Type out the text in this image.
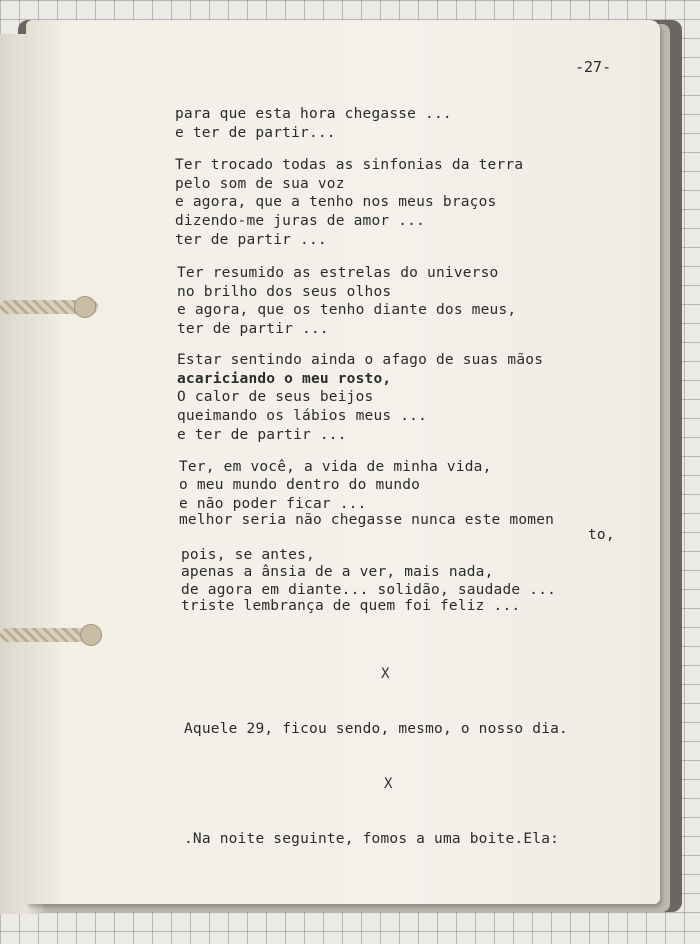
-27-
para que esta hora chegasse ...
e ter de partir...
Ter trocado todas as sinfonias da terra
pelo som de sua voz
e agora, que a tenho nos meus braços
dizendo-me juras de amor ...
ter de partir ...
Ter resumido as estrelas do universo
no brilho dos seus olhos
e agora, que os tenho diante dos meus,
ter de partir ...
Estar sentindo ainda o afago de suas mãos
acariciando o meu rosto,
O calor de seus beijos
queimando os lábios meus ...
e ter de partir ...
Ter, em você, a vida de minha vida,
o meu mundo dentro do mundo
e não poder ficar ...
melhor seria não chegasse nunca este momen
to,
pois, se antes,
apenas a ânsia de a ver, mais nada,
de agora em diante... solidão, saudade ...
triste lembrança de quem foi feliz ...
X
Aquele 29, ficou sendo, mesmo, o nosso dia.
X
.Na noite seguinte, fomos a uma boite.Ela:
